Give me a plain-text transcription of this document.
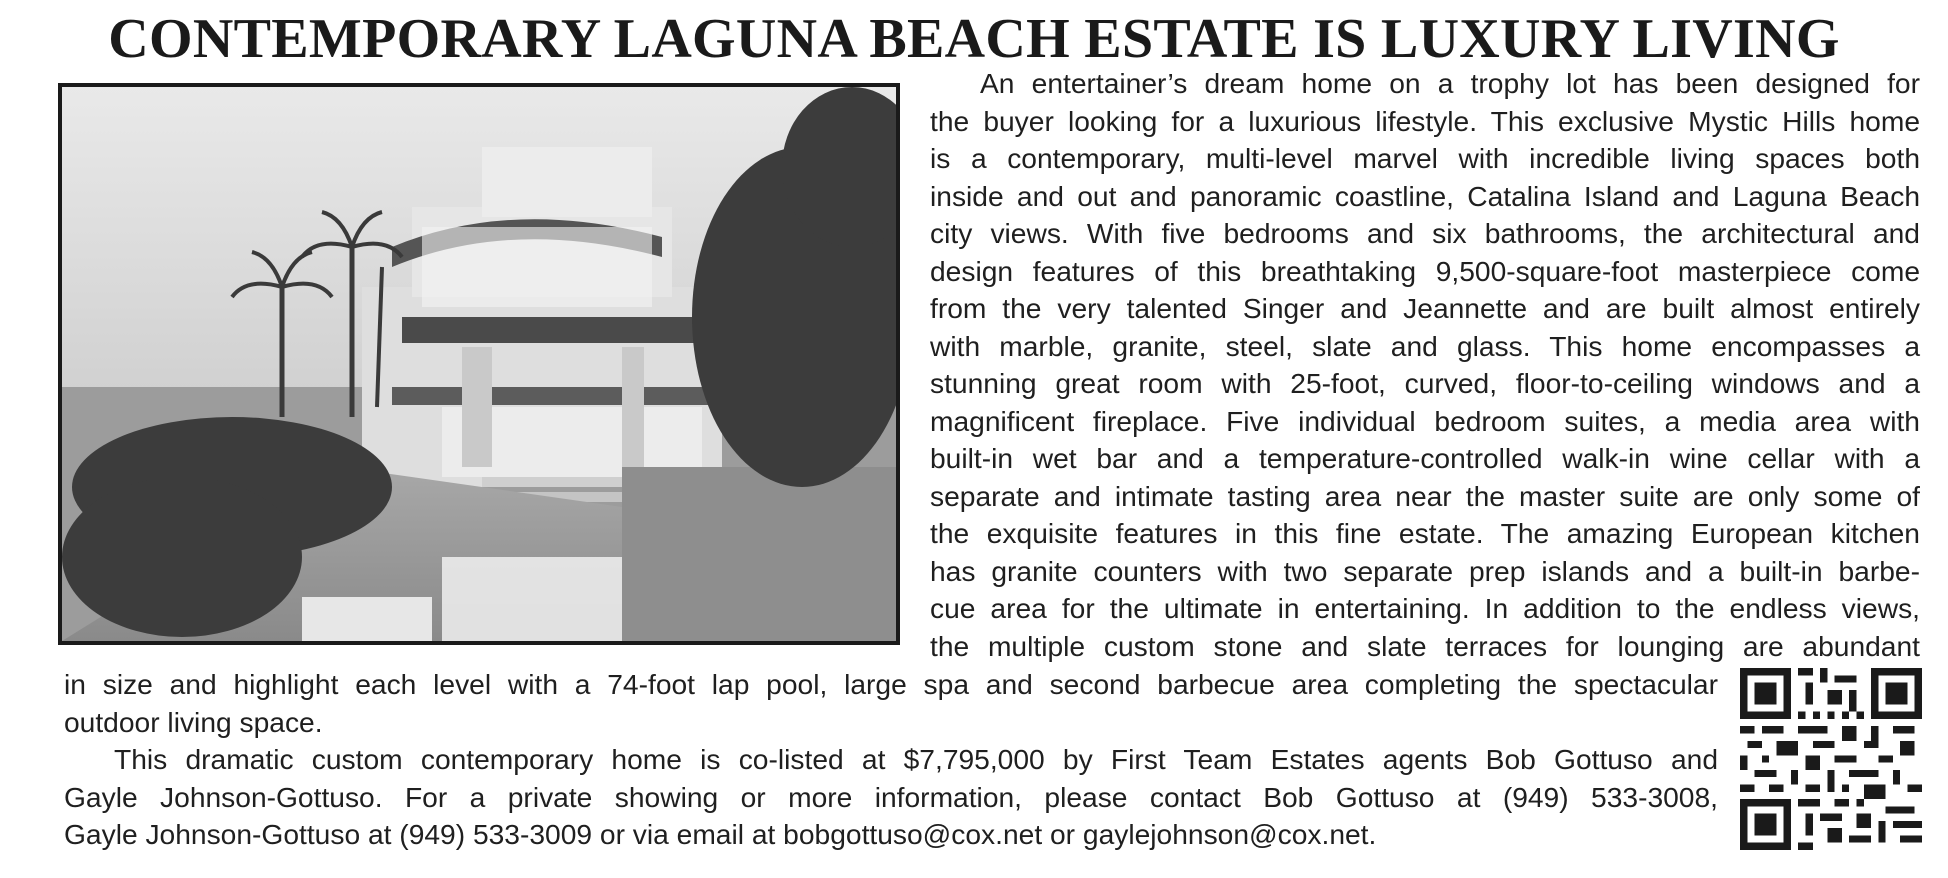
CONTEMPORARY LAGUNA BEACH ESTATE IS LUXURY LIVING
An entertainer’s dream home on a trophy lot has been designed for
the buyer looking for a luxurious lifestyle. This exclusive Mystic Hills home
is a contemporary, multi-level marvel with incredible living spaces both
inside and out and panoramic coastline, Catalina Island and Laguna Beach
city views. With five bedrooms and six bathrooms, the architectural and
design features of this breathtaking 9,500-square-foot masterpiece come
from the very talented Singer and Jeannette and are built almost entirely
with marble, granite, steel, slate and glass. This home encompasses a
stunning great room with 25-foot, curved, floor-to-ceiling windows and a
magnificent fireplace. Five individual bedroom suites, a media area with
built-in wet bar and a temperature-controlled walk-in wine cellar with a
separate and intimate tasting area near the master suite are only some of
the exquisite features in this fine estate. The amazing European kitchen
has granite counters with two separate prep islands and a built-in barbe-
cue area for the ultimate in entertaining. In addition to the endless views,
the multiple custom stone and slate terraces for lounging are abundant
in size and highlight each level with a 74-foot lap pool, large spa and second barbecue area completing the spectacular
outdoor living space.
This dramatic custom contemporary home is co-listed at $7,795,000 by First Team Estates agents Bob Gottuso and
Gayle Johnson-Gottuso. For a private showing or more information, please contact Bob Gottuso at (949) 533-3008,
Gayle Johnson-Gottuso at (949) 533-3009 or via email at bobgottuso@cox.net or gaylejohnson@cox.net.
